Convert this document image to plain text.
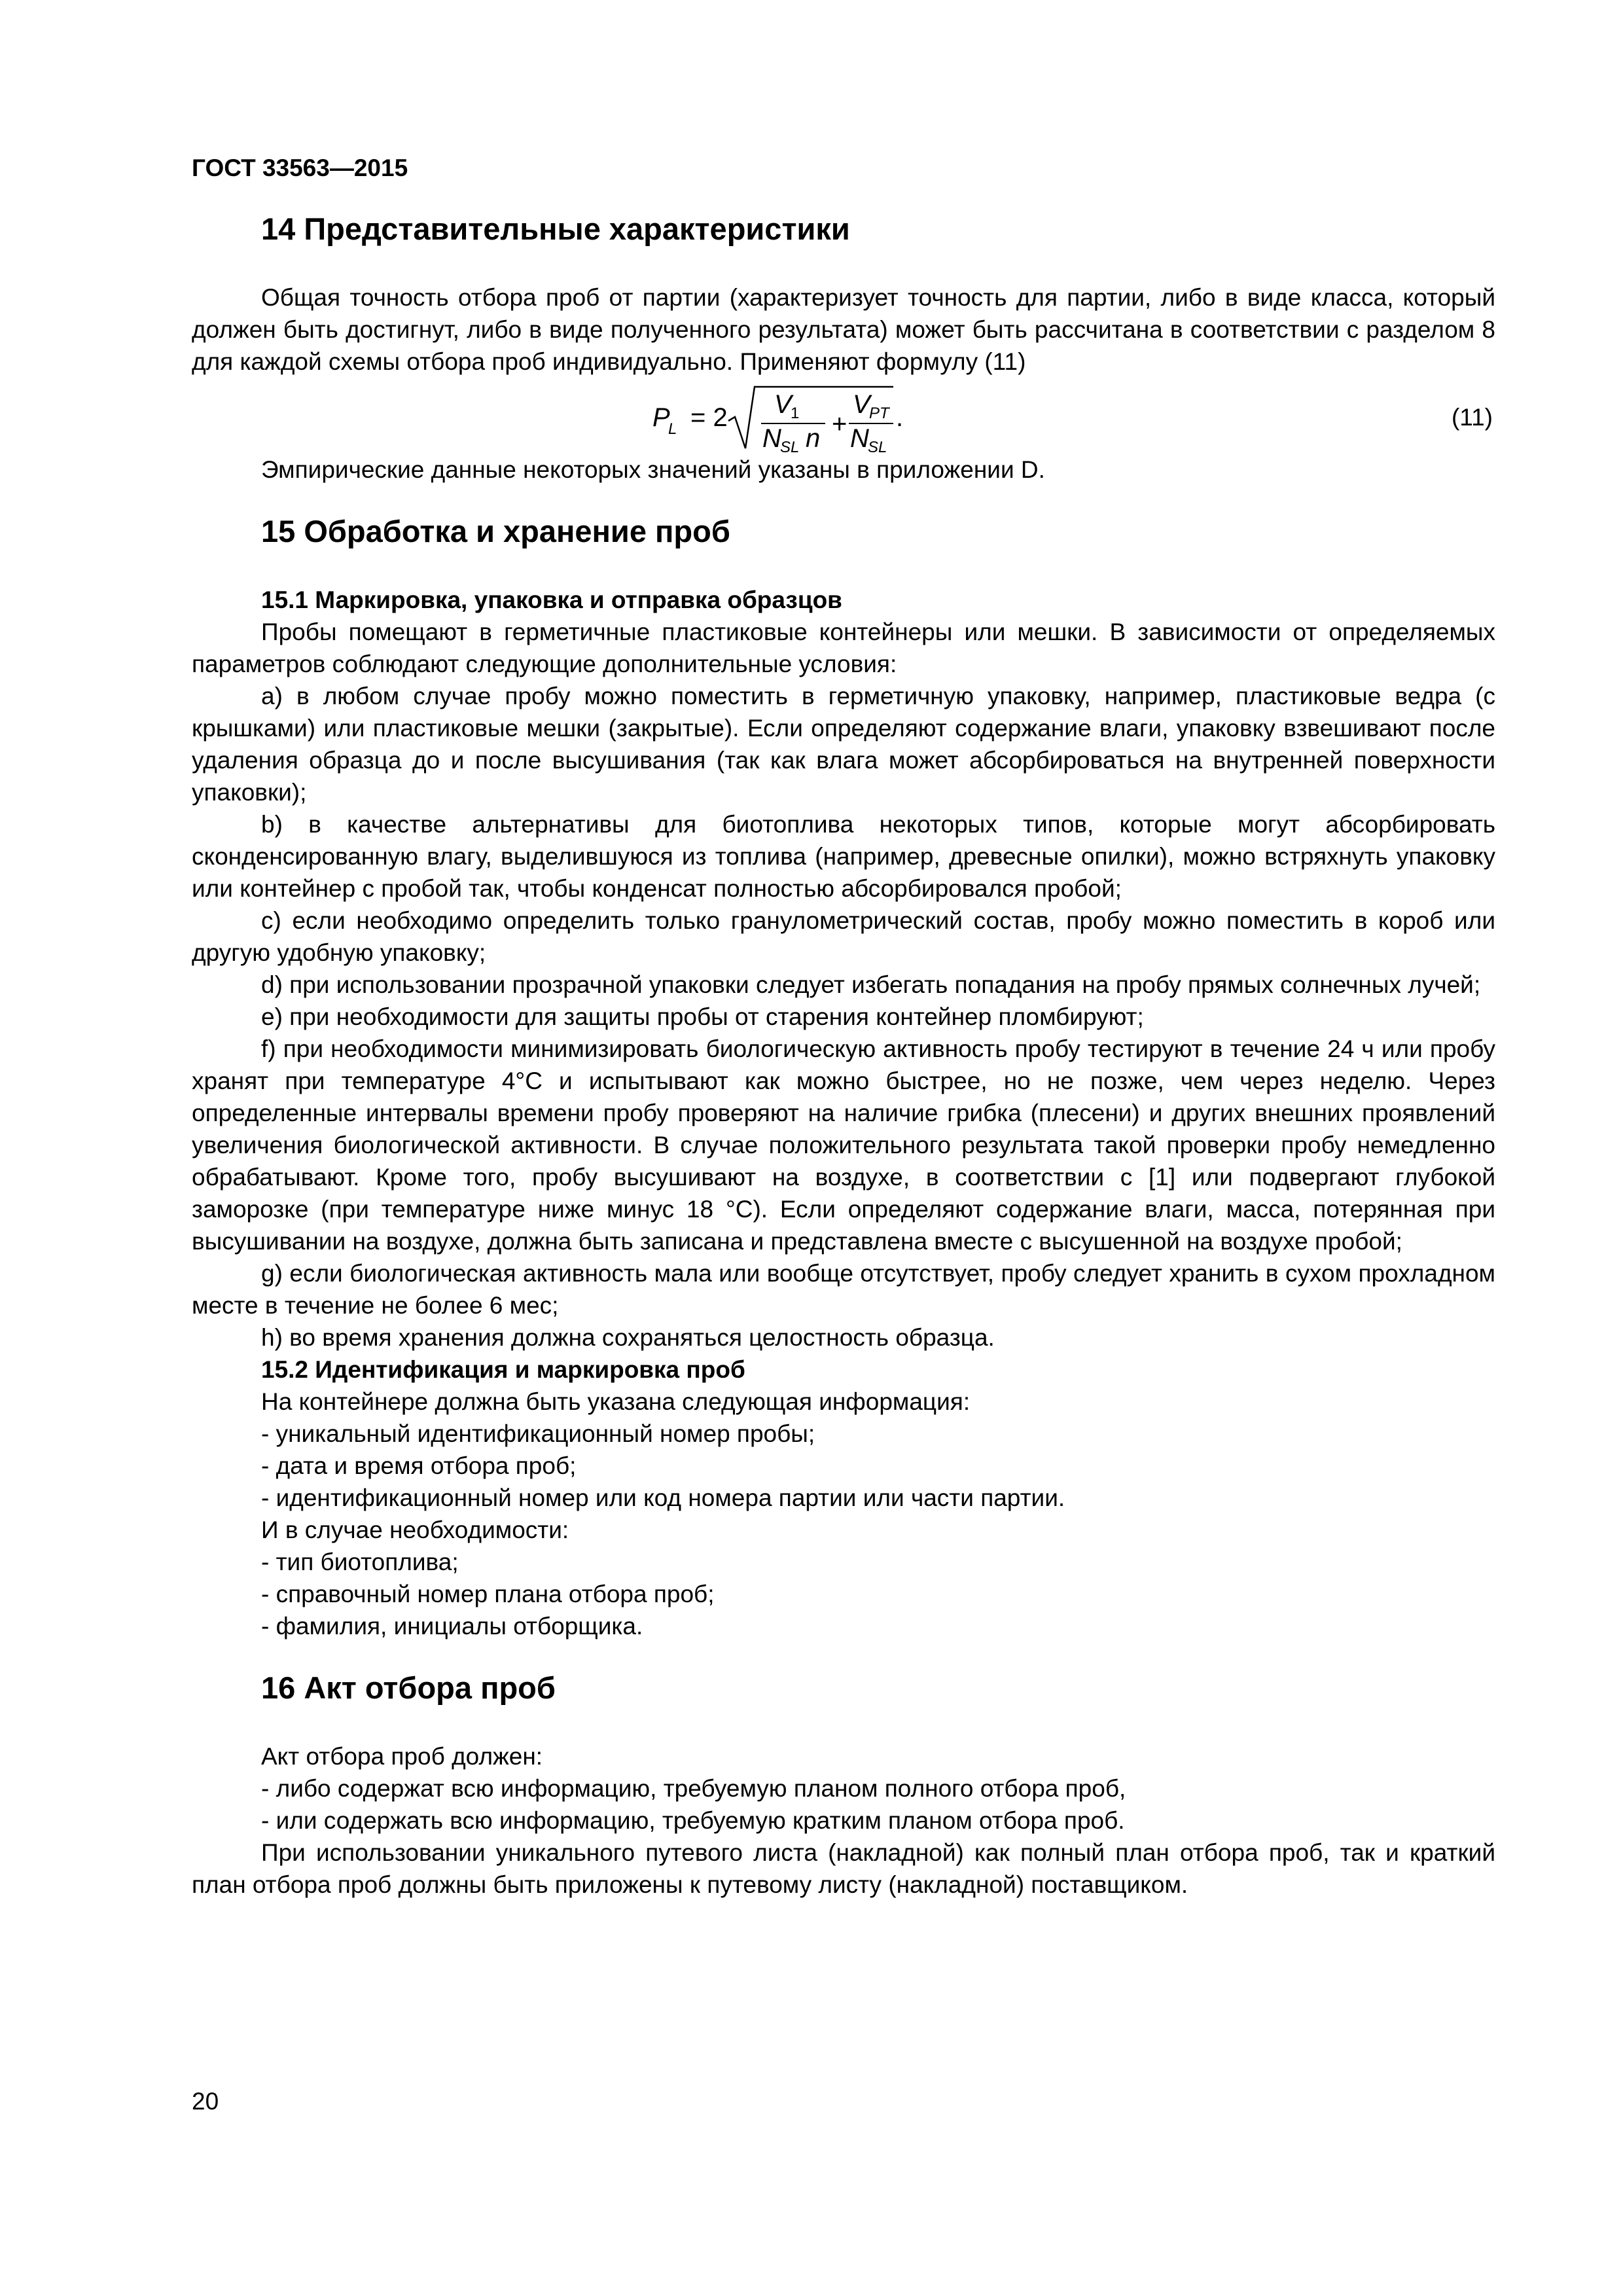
ГОСТ 33563—2015
14 Представительные характеристики

Общая точность отбора проб от партии (характеризует точность для партии, либо в виде класса, который должен быть достигнут, либо в виде полученного результата) может быть рассчитана в соответствии с разделом 8 для каждой схемы отбора проб индивидуально. Применяют формулу (11)

P
L = 2 V
1
N
SL n +
V
PT
N
SL
.	(11)

Эмпирические данные некоторых значений указаны в приложении D.

15 Обработка и хранение проб
15.1 Маркировка, упаковка и отправка образцов

Пробы помещают в герметичные пластиковые контейнеры или мешки. В зависимости от определяемых параметров соблюдают следующие дополнительные условия:

a) в любом случае пробу можно поместить в герметичную упаковку, например, пластиковые ведра (с крышками) или пластиковые мешки (закрытые). Если определяют содержание влаги, упаковку взвешивают после удаления образца до и после высушивания (так как влага может абсорбироваться на внутренней поверхности упаковки);

b) в качестве альтернативы для биотоплива некоторых типов, которые могут абсорбировать сконденсированную влагу, выделившуюся из топлива (например, древесные опилки), можно встряхнуть упаковку или контейнер с пробой так, чтобы конденсат полностью абсорбировался пробой;

c) если необходимо определить только гранулометрический состав, пробу можно поместить в короб или другую удобную упаковку;

d) при использовании прозрачной упаковки следует избегать попадания на пробу прямых солнечных лучей;

e) при необходимости для защиты пробы от старения контейнер пломбируют;

f) при необходимости минимизировать биологическую активность пробу тестируют в течение 24 ч или пробу хранят при температуре 4°C и испытывают как можно быстрее, но не позже, чем через неделю. Через определенные интервалы времени пробу проверяют на наличие грибка (плесени) и других внешних проявлений увеличения биологической активности. В случае положительного результата такой проверки пробу немедленно обрабатывают. Кроме того, пробу высушивают на воздухе, в соответствии с [1] или подвергают глубокой заморозке (при температуре ниже минус 18 °C). Если определяют содержание влаги, масса, потерянная при высушивании на воздухе, должна быть записана и представлена вместе с высушенной на воздухе пробой;

g) если биологическая активность мала или вообще отсутствует, пробу следует хранить в сухом прохладном месте в течение не более 6 мес;

h) во время хранения должна сохраняться целостность образца.

15.2 Идентификация и маркировка проб

На контейнере должна быть указана следующая информация:

- уникальный идентификационный номер пробы;

- дата и время отбора проб;

- идентификационный номер или код номера партии или части партии.

И в случае необходимости:

- тип биотоплива;

- справочный номер плана отбора проб;

- фамилия, инициалы отборщика.

16 Акт отбора проб

Акт отбора проб должен:

- либо содержат всю информацию, требуемую планом полного отбора проб,

- или содержать всю информацию, требуемую кратким планом отбора проб.

При использовании уникального путевого листа (накладной) как полный план отбора проб, так и краткий план отбора проб должны быть приложены к путевому листу (накладной) поставщиком.

20
